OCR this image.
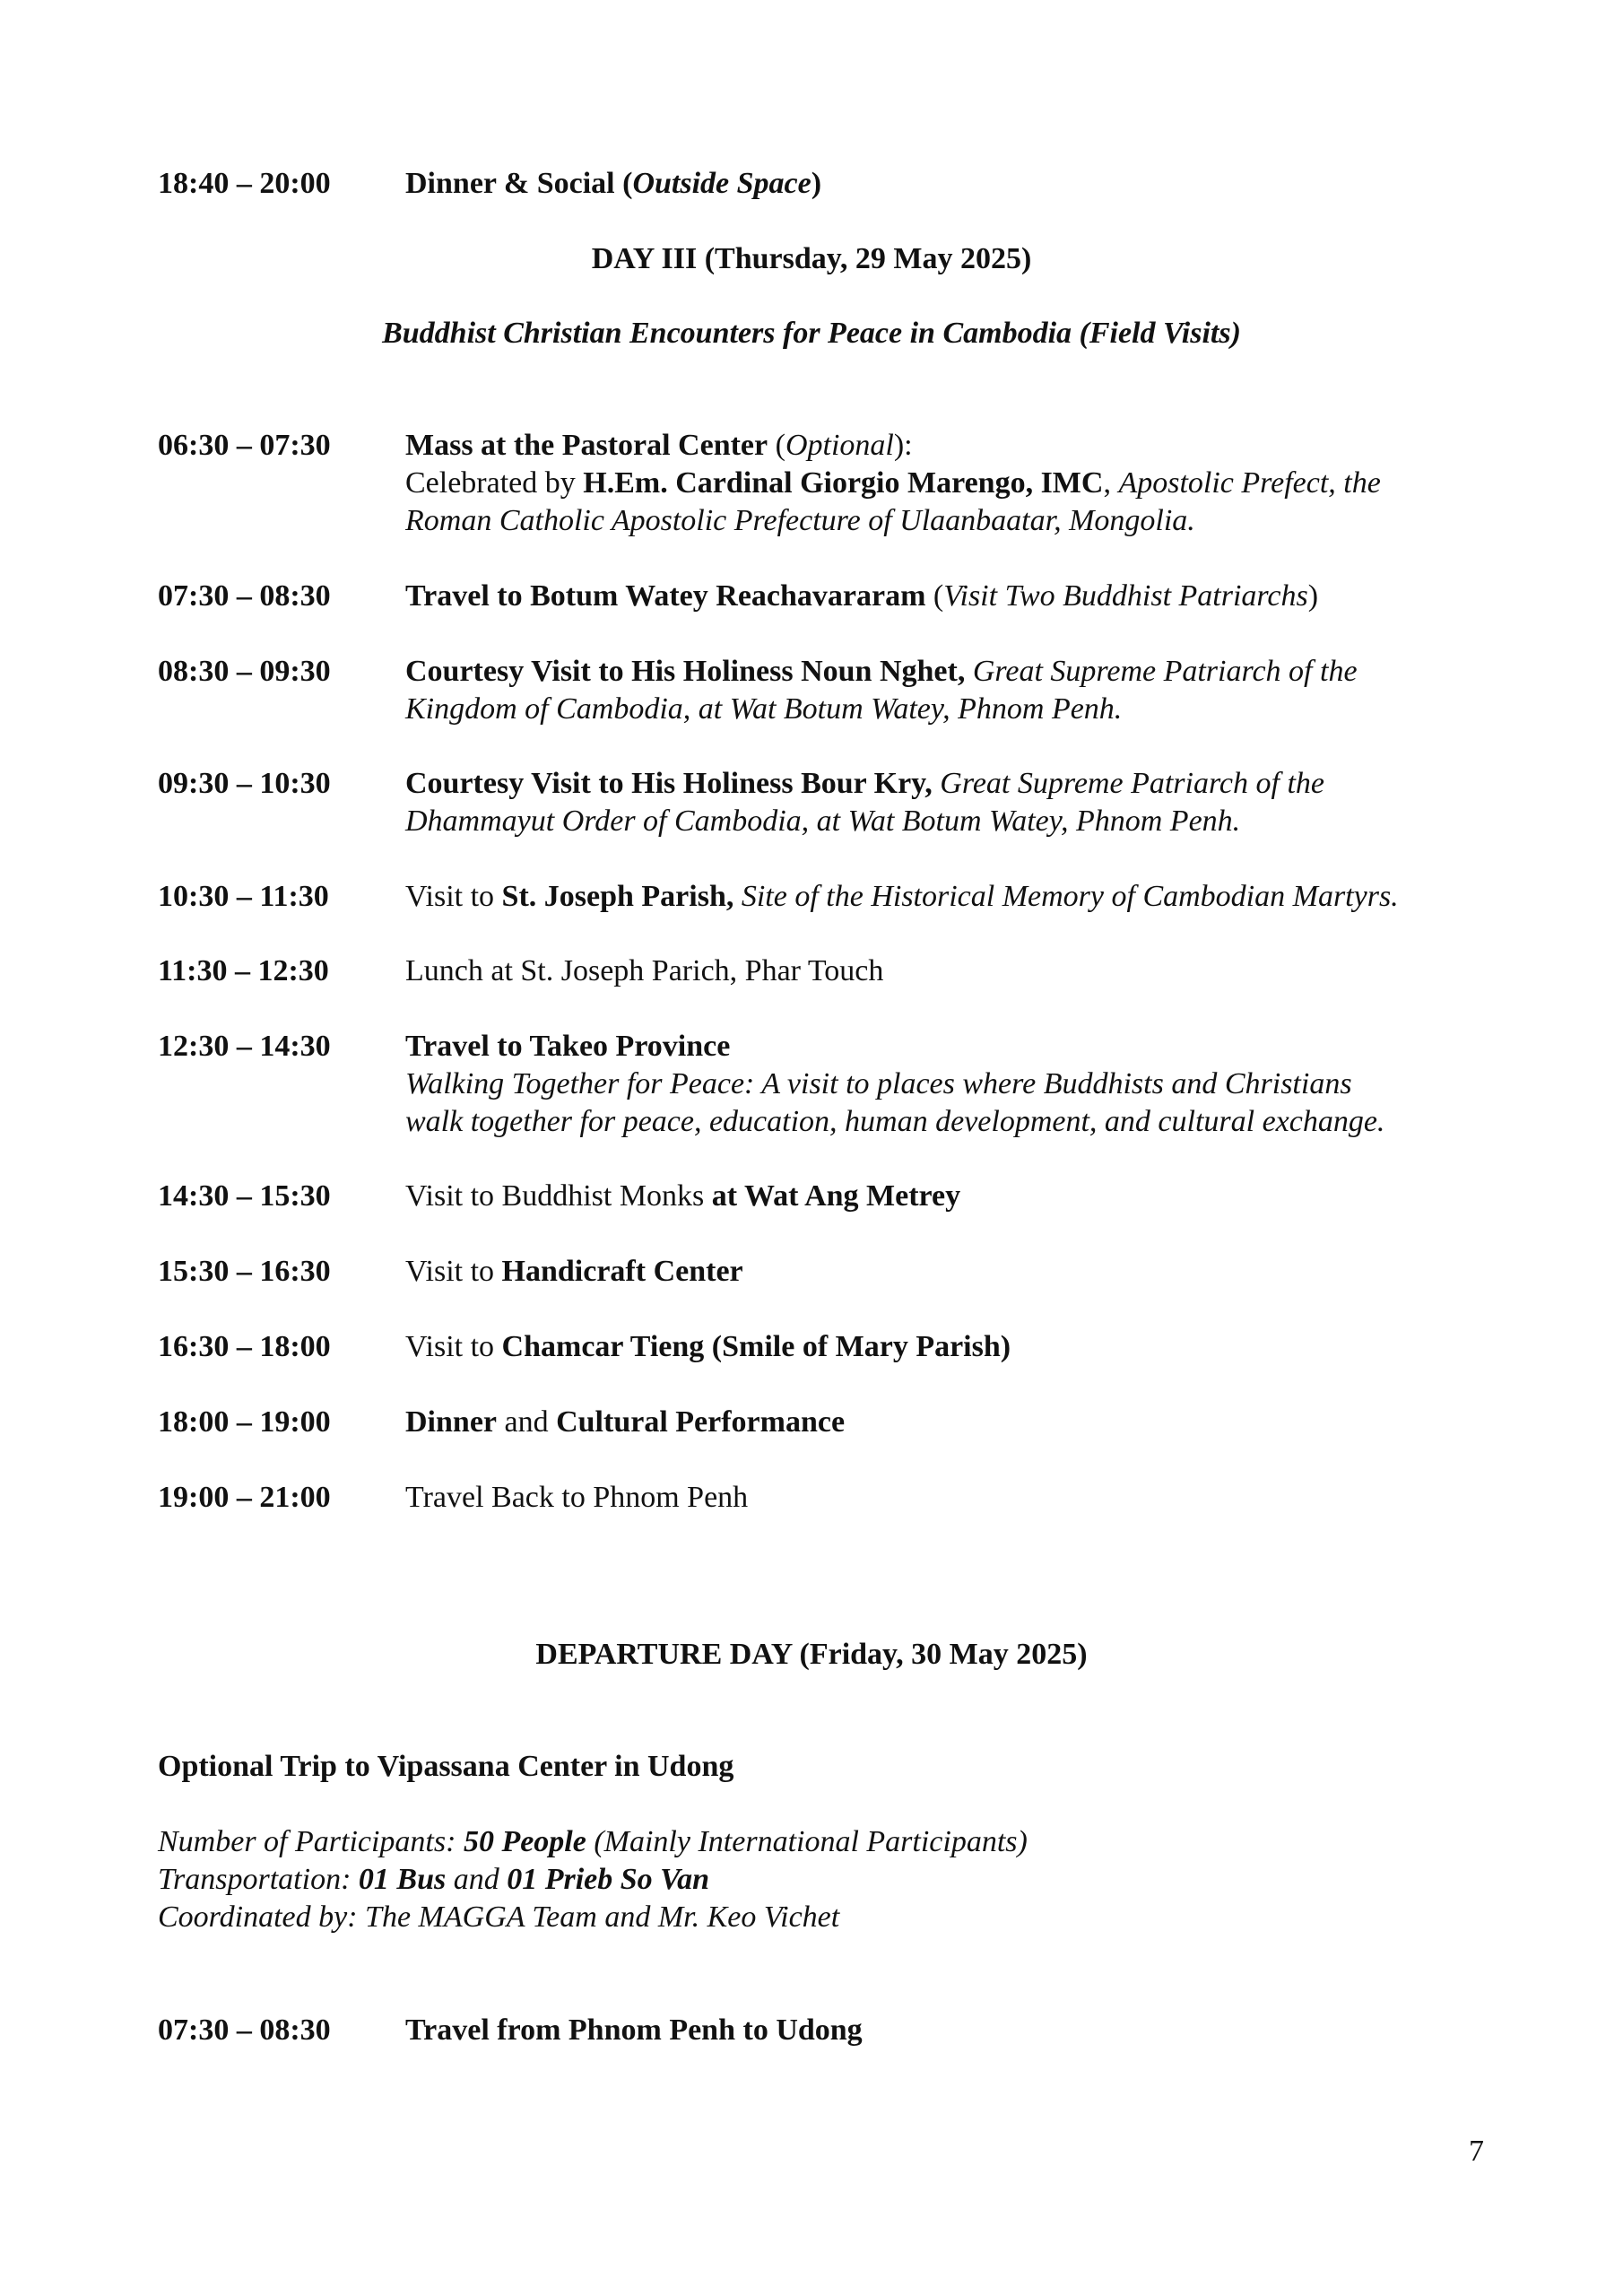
18:40 – 20:00 Dinner & Social (Outside Space)
DAY III (Thursday, 29 May 2025)
Buddhist Christian Encounters for Peace in Cambodia (Field Visits)
06:30 – 07:30 Mass at the Pastoral Center (Optional):
Celebrated by H.Em. Cardinal Giorgio Marengo, IMC, Apostolic Prefect, the
Roman Catholic Apostolic Prefecture of Ulaanbaatar, Mongolia.
07:30 – 08:30 Travel to Botum Watey Reachavararam (Visit Two Buddhist Patriarchs)
08:30 – 09:30 Courtesy Visit to His Holiness Noun Nghet, Great Supreme Patriarch of the
Kingdom of Cambodia, at Wat Botum Watey, Phnom Penh.
09:30 – 10:30 Courtesy Visit to His Holiness Bour Kry, Great Supreme Patriarch of the
Dhammayut Order of Cambodia, at Wat Botum Watey, Phnom Penh.
10:30 – 11:30	Visit to St. Joseph Parish, Site of the Historical Memory of Cambodian Martyrs.
11:30 – 12:30	Lunch at St. Joseph Parich, Phar Touch
12:30 – 14:30 Travel to Takeo Province
Walking Together for Peace: A visit to places where Buddhists and Christians
walk together for peace, education, human development, and cultural exchange.
14:30 – 15:30 Visit to Buddhist Monks at Wat Ang Metrey
15:30 – 16:30 Visit to Handicraft Center
16:30 – 18:00 Visit to Chamcar Tieng (Smile of Mary Parish)
18:00 – 19:00 Dinner and Cultural Performance
19:00 – 21:00 Travel Back to Phnom Penh
DEPARTURE DAY (Friday, 30 May 2025)
Optional Trip to Vipassana Center in Udong
Number of Participants: 50 People (Mainly International Participants)
Transportation: 01 Bus and 01 Prieb So Van
Coordinated by: The MAGGA Team and Mr. Keo Vichet
07:30 – 08:30 Travel from Phnom Penh to Udong
7
